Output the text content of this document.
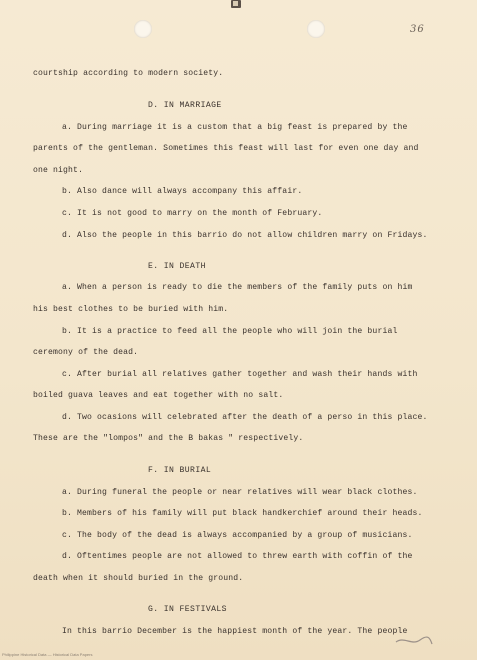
36
courtship according to modern society.
D. IN MARRIAGE
a. During marriage it is a custom that a big feast is prepared by the
parents of the gentleman. Sometimes this feast will last for even one day and
one night.
b. Also dance will always accompany this affair.
c. It is not good to marry on the month of February.
d. Also the people in this barrio do not allow children marry on Fridays.
E. IN DEATH
a. When a person is ready to die the members of the family puts on him
his best clothes to be buried with him.
b. It is a practice to feed all the people who will join the burial
ceremony of the dead.
c. After burial all relatives gather together and wash their hands with
boiled guava leaves and eat together with no salt.
d. Two ocasions will celebrated after the death of a perso in this place.
These are the "lompos" and the B bakas " respectively.
F. IN BURIAL
a. During funeral the people or near relatives will wear black clothes.
b. Members of his family will put black handkerchief around their heads.
c. The body of the dead is always accompanied by a group of musicians.
d. Oftentimes people are not allowed to threw earth with coffin of the
death when it should buried in the ground.
G. IN FESTIVALS
In this barrio December is the happiest month of the year. The people
Philippine Historical Data — Historical Data Papers
